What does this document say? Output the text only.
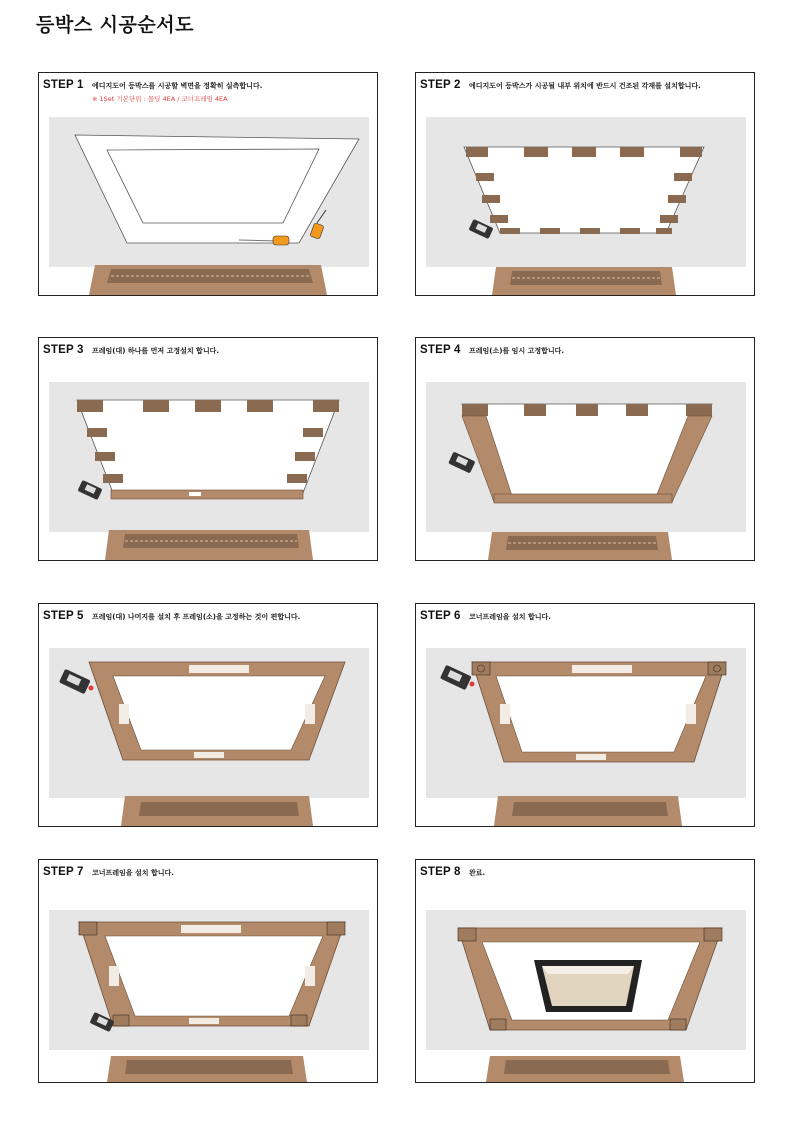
등박스 시공순서도
STEP 1 에디지도어 등박스를 시공할 벽면을 정확히 실측합니다.
※ 1Set 기본단위 : 몰딩 4EA / 코너프레임 4EA
STEP 2 에디지도어 등박스가 시공될 내부 위치에 반드시 건조된 각재를 설치합니다.
STEP 3 프레임(대) 하나를 먼저 고정설치 합니다.	STEP 4 프레임(소)를 임시 고정합니다.
STEP 5 프레임(대) 나머지를 설치 후 프레임(소)을 고정하는 것이 편합니다.	STEP 6 코너프레임을 설치 합니다.
STEP 7 코너프레임을 설치 합니다.	STEP 8 완료.
